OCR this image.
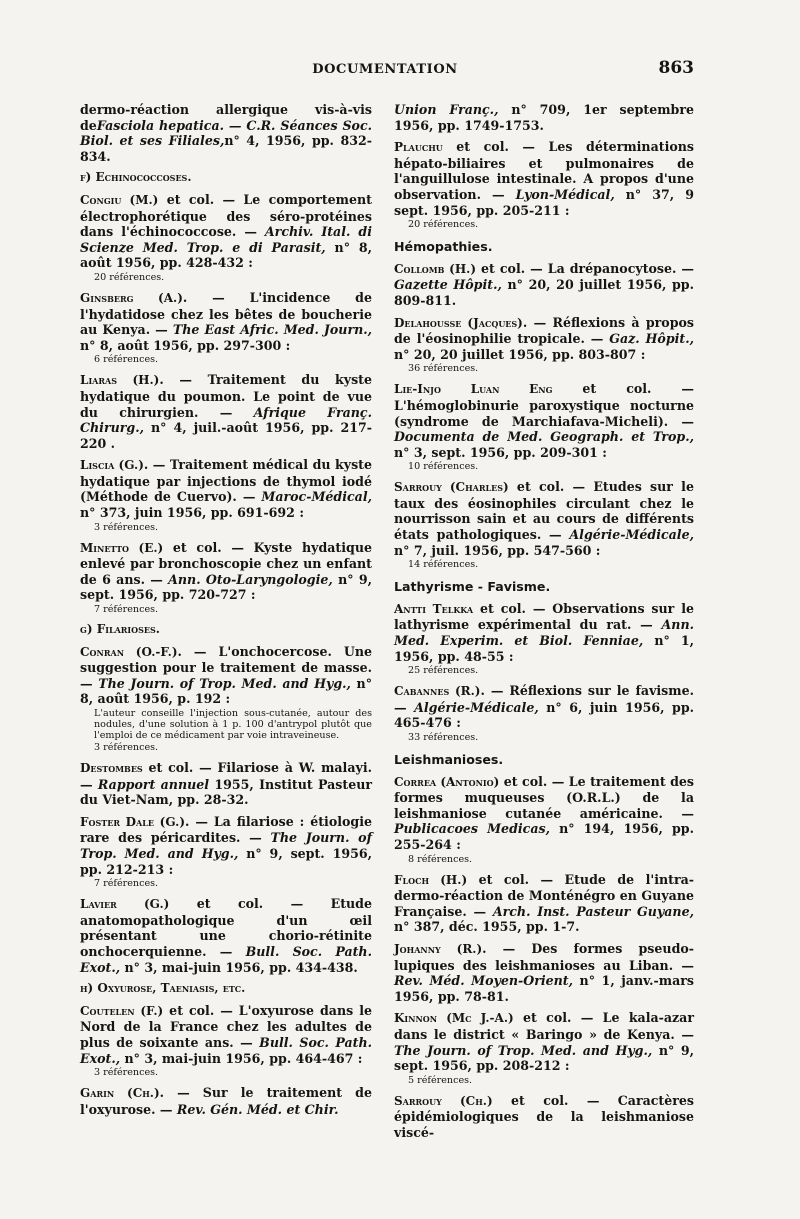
DOCUMENTATION	863
dermo-réaction allergique vis-à-vis deFasciola hepatica. — C.R. Séances Soc. Biol. et ses Filiales,n° 4, 1956, pp. 832-834.
f) Echinococcoses.
Congiu (M.) et col. — Le comportement électrophorétique des séro-protéines dans l'échinococcose. — Archiv. Ital. di Scienze Med. Trop. e di Parasit, n° 8, août 1956, pp. 428-432 :
20 références.
Ginsberg (A.). — L'incidence de l'hydatidose chez les bêtes de boucherie au Kenya. — The East Afric. Med. Journ., n° 8, août 1956, pp. 297-300 :
6 références.
Liaras (H.). — Traitement du kyste hydatique du poumon. Le point de vue du chirurgien. — Afrique Franç. Chirurg., n° 4, juil.-août 1956, pp. 217-220 .
Liscia (G.). — Traitement médical du kyste hydatique par injections de thymol iodé (Méthode de Cuervo). — Maroc-Médical, n° 373, juin 1956, pp. 691-692 :
3 références.
Minetto (E.) et col. — Kyste hydatique enlevé par bronchoscopie chez un enfant de 6 ans. — Ann. Oto-Laryngologie, n° 9, sept. 1956, pp. 720-727 :
7 références.
g) Filarioses.
Conran (O.-F.). — L'onchocercose. Une suggestion pour le traitement de masse. — The Journ. of Trop. Med. and Hyg., n° 8, août 1956, p. 192 :
L'auteur conseille l'injection sous-cutanée, autour des nodules, d'une solution à 1 p. 100 d'antrypol plutôt que l'emploi de ce médicament par voie intraveineuse.
3 références.
Destombes et col. — Filariose à W. malayi. — Rapport annuel 1955, Institut Pasteur du Viet-Nam, pp. 28-32.
Foster Dale (G.). — La filariose : étiologie rare des péricardites. — The Journ. of Trop. Med. and Hyg., n° 9, sept. 1956, pp. 212-213 :
7 références.
Lavier (G.) et col. — Etude anatomopathologique d'un œil présentant une chorio-rétinite onchocerquienne. — Bull. Soc. Path. Exot., n° 3, mai-juin 1956, pp. 434-438.
h) Oxyurose, Taeniasis, etc.
Coutelen (F.) et col. — L'oxyurose dans le Nord de la France chez les adultes de plus de soixante ans. — Bull. Soc. Path. Exot., n° 3, mai-juin 1956, pp. 464-467 :
3 références.
Garin (Ch.). — Sur le traitement de l'oxyurose. — Rev. Gén. Méd. et Chir.
Union Franç., n° 709, 1er septembre 1956, pp. 1749-1753.
Plauchu et col. — Les déterminations hépato-biliaires et pulmonaires de l'anguillulose intestinale. A propos d'une observation. — Lyon-Médical, n° 37, 9 sept. 1956, pp. 205-211 :
20 références.
Hémopathies.
Collomb (H.) et col. — La drépanocytose. — Gazette Hôpit., n° 20, 20 juillet 1956, pp. 809-811.
Delahousse (Jacques). — Réflexions à propos de l'éosinophilie tropicale. — Gaz. Hôpit., n° 20, 20 juillet 1956, pp. 803-807 :
36 références.
Lie-Injo Luan Eng et col. — L'hémoglobinurie paroxystique nocturne (syndrome de Marchiafava-Micheli). — Documenta de Med. Geograph. et Trop., n° 3, sept. 1956, pp. 209-301 :
10 références.
Sarrouy (Charles) et col. — Etudes sur le taux des éosinophiles circulant chez le nourrisson sain et au cours de différents états pathologiques. — Algérie-Médicale, n° 7, juil. 1956, pp. 547-560 :
14 références.
Lathyrisme - Favisme.
Antti Telkka et col. — Observations sur le lathyrisme expérimental du rat. — Ann. Med. Experim. et Biol. Fenniae, n° 1, 1956, pp. 48-55 :
25 références.
Cabannes (R.). — Réflexions sur le favisme. — Algérie-Médicale, n° 6, juin 1956, pp. 465-476 :
33 références.
Leishmanioses.
Correa (Antonio) et col. — Le traitement des formes muqueuses (O.R.L.) de la leishmaniose cutanée américaine. — Publicacoes Medicas, n° 194, 1956, pp. 255-264 :
8 références.
Floch (H.) et col. — Etude de l'intra-dermo-réaction de Monténégro en Guyane Française. — Arch. Inst. Pasteur Guyane, n° 387, déc. 1955, pp. 1-7.
Johanny (R.). — Des formes pseudo-lupiques des leishmanioses au Liban. — Rev. Méd. Moyen-Orient, n° 1, janv.-mars 1956, pp. 78-81.
Kinnon (Mc J.-A.) et col. — Le kala-azar dans le district « Baringo » de Kenya. — The Journ. of Trop. Med. and Hyg., n° 9, sept. 1956, pp. 208-212 :
5 références.
Sarrouy (Ch.) et col. — Caractères épidémiologiques de la leishmaniose viscé-
